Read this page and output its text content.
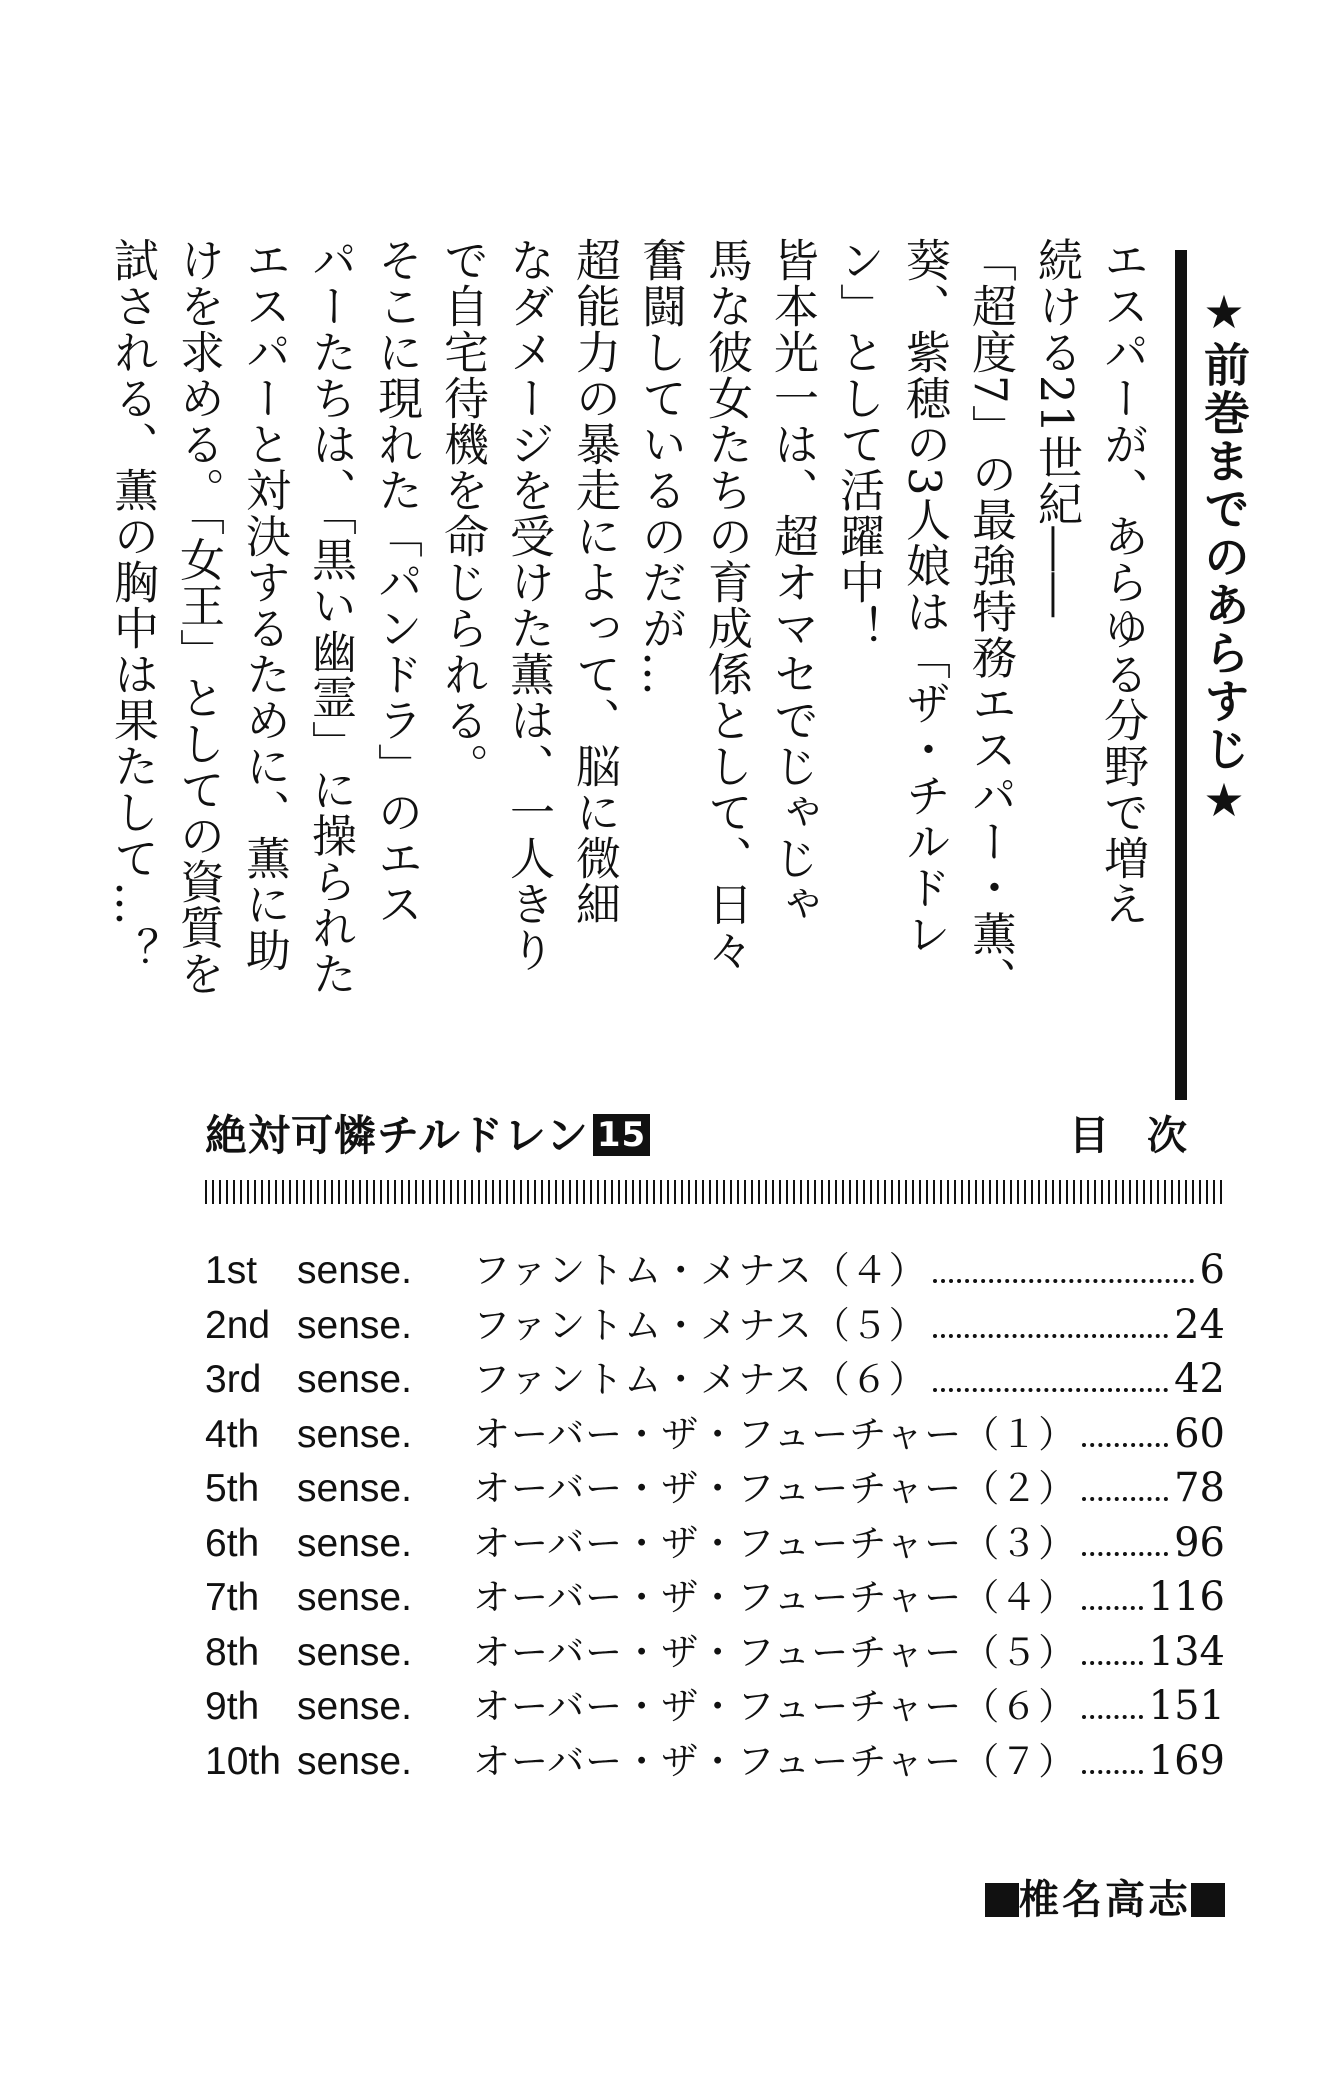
★前巻までのあらすじ★
エスパーが、あらゆる分野で増え
続ける21世紀――
「超度7」の最強特務エスパー・薫、
葵、紫穂の3人娘は「ザ・チルドレ
ン」として活躍中！
皆本光一は、超オマセでじゃじゃ
馬な彼女たちの育成係として、日々
奮闘しているのだが…
超能力の暴走によって、脳に微細
なダメージを受けた薫は、一人きり
で自宅待機を命じられる。
そこに現れた「パンドラ」のエス
パーたちは、「黒い幽霊」に操られた
エスパーと対決するために、薫に助
けを求める。「女王」としての資質を
試される、薫の胸中は果たして…？
絶対可憐チルドレン 15	目次
1st	sense.	ファントム・メナス（４）	6
2nd sense.	ファントム・メナス（５）	24
3rd sense.	ファントム・メナス（６）	42
4th sense.	オーバー・ザ・フューチャー（１） 60
5th sense.	オーバー・ザ・フューチャー（２） 78
6th sense.	オーバー・ザ・フューチャー（３） 96
7th sense.	オーバー・ザ・フューチャー（４） 116
8th sense.	オーバー・ザ・フューチャー（５） 134
9th sense.	オーバー・ザ・フューチャー（６） 151
10th sense.	オーバー・ザ・フューチャー（７） 169
椎名高志
